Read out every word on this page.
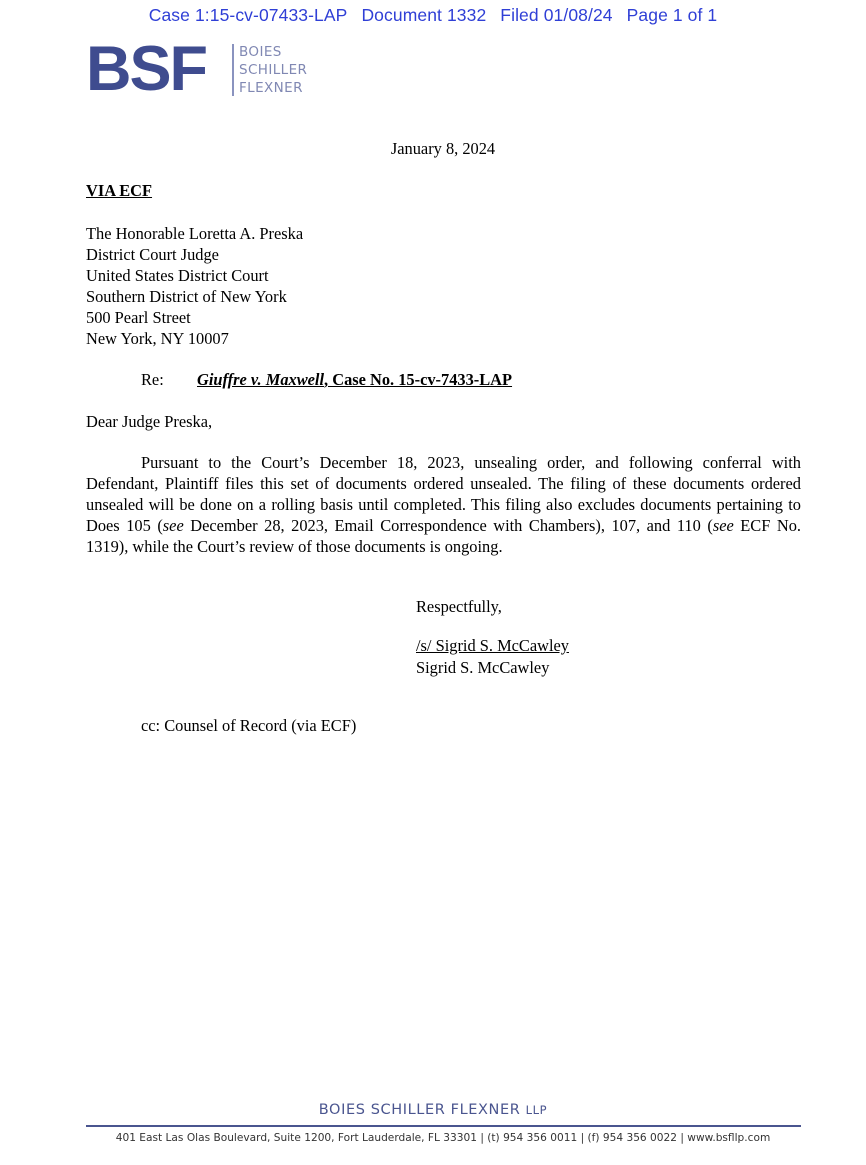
Case 1:15-cv-07433-LAP Document 1332 Filed 01/08/24 Page 1 of 1
BSF BOIES
SCHILLER
FLEXNER
January 8, 2024
VIA ECF
The Honorable Loretta A. Preska
District Court Judge
United States District Court
Southern District of New York
500 Pearl Street
New York, NY 10007
Re: Giuffre v. Maxwell, Case No. 15-cv-7433-LAP
Dear Judge Preska,

Pursuant to the Court’s December 18, 2023, unsealing order, and following conferral with Defendant, Plaintiff files this set of documents ordered unsealed. The filing of these documents ordered unsealed will be done on a rolling basis until completed. This filing also excludes documents pertaining to Does 105 (see December 28, 2023, Email Correspondence with Chambers), 107, and 110 (see ECF No. 1319), while the Court’s review of those documents is ongoing.

Respectfully,
/s/ Sigrid S. McCawley
Sigrid S. McCawley
cc: Counsel of Record (via ECF)
BOIES SCHILLER FLEXNER LLP
401 East Las Olas Boulevard, Suite 1200, Fort Lauderdale, FL 33301 | (t) 954 356 0011 | (f) 954 356 0022 | www.bsfllp.com
